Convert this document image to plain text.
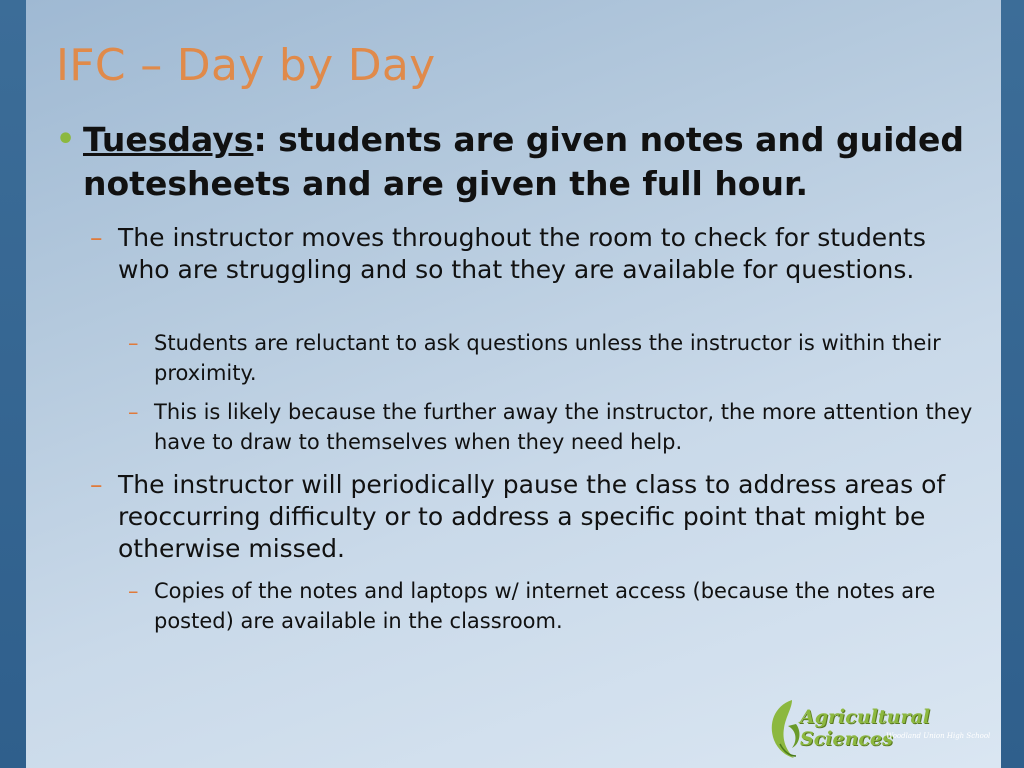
IFC – Day by Day
• Tuesdays: students are given notes and guided notesheets and are given the full hour.
– The instructor moves throughout the room to check for students who are struggling and so that they are available for questions.
– Students are reluctant to ask questions unless the instructor is within their proximity.
– This is likely because the further away the instructor, the more attention they have to draw to themselves when they need help.
– The instructor will periodically pause the class to address areas of reoccurring difficulty or to address a specific point that might be otherwise missed.
– Copies of the notes and laptops w/ internet access (because the notes are posted) are available in the classroom.
Agricultural Sciences
Woodland Union High School
